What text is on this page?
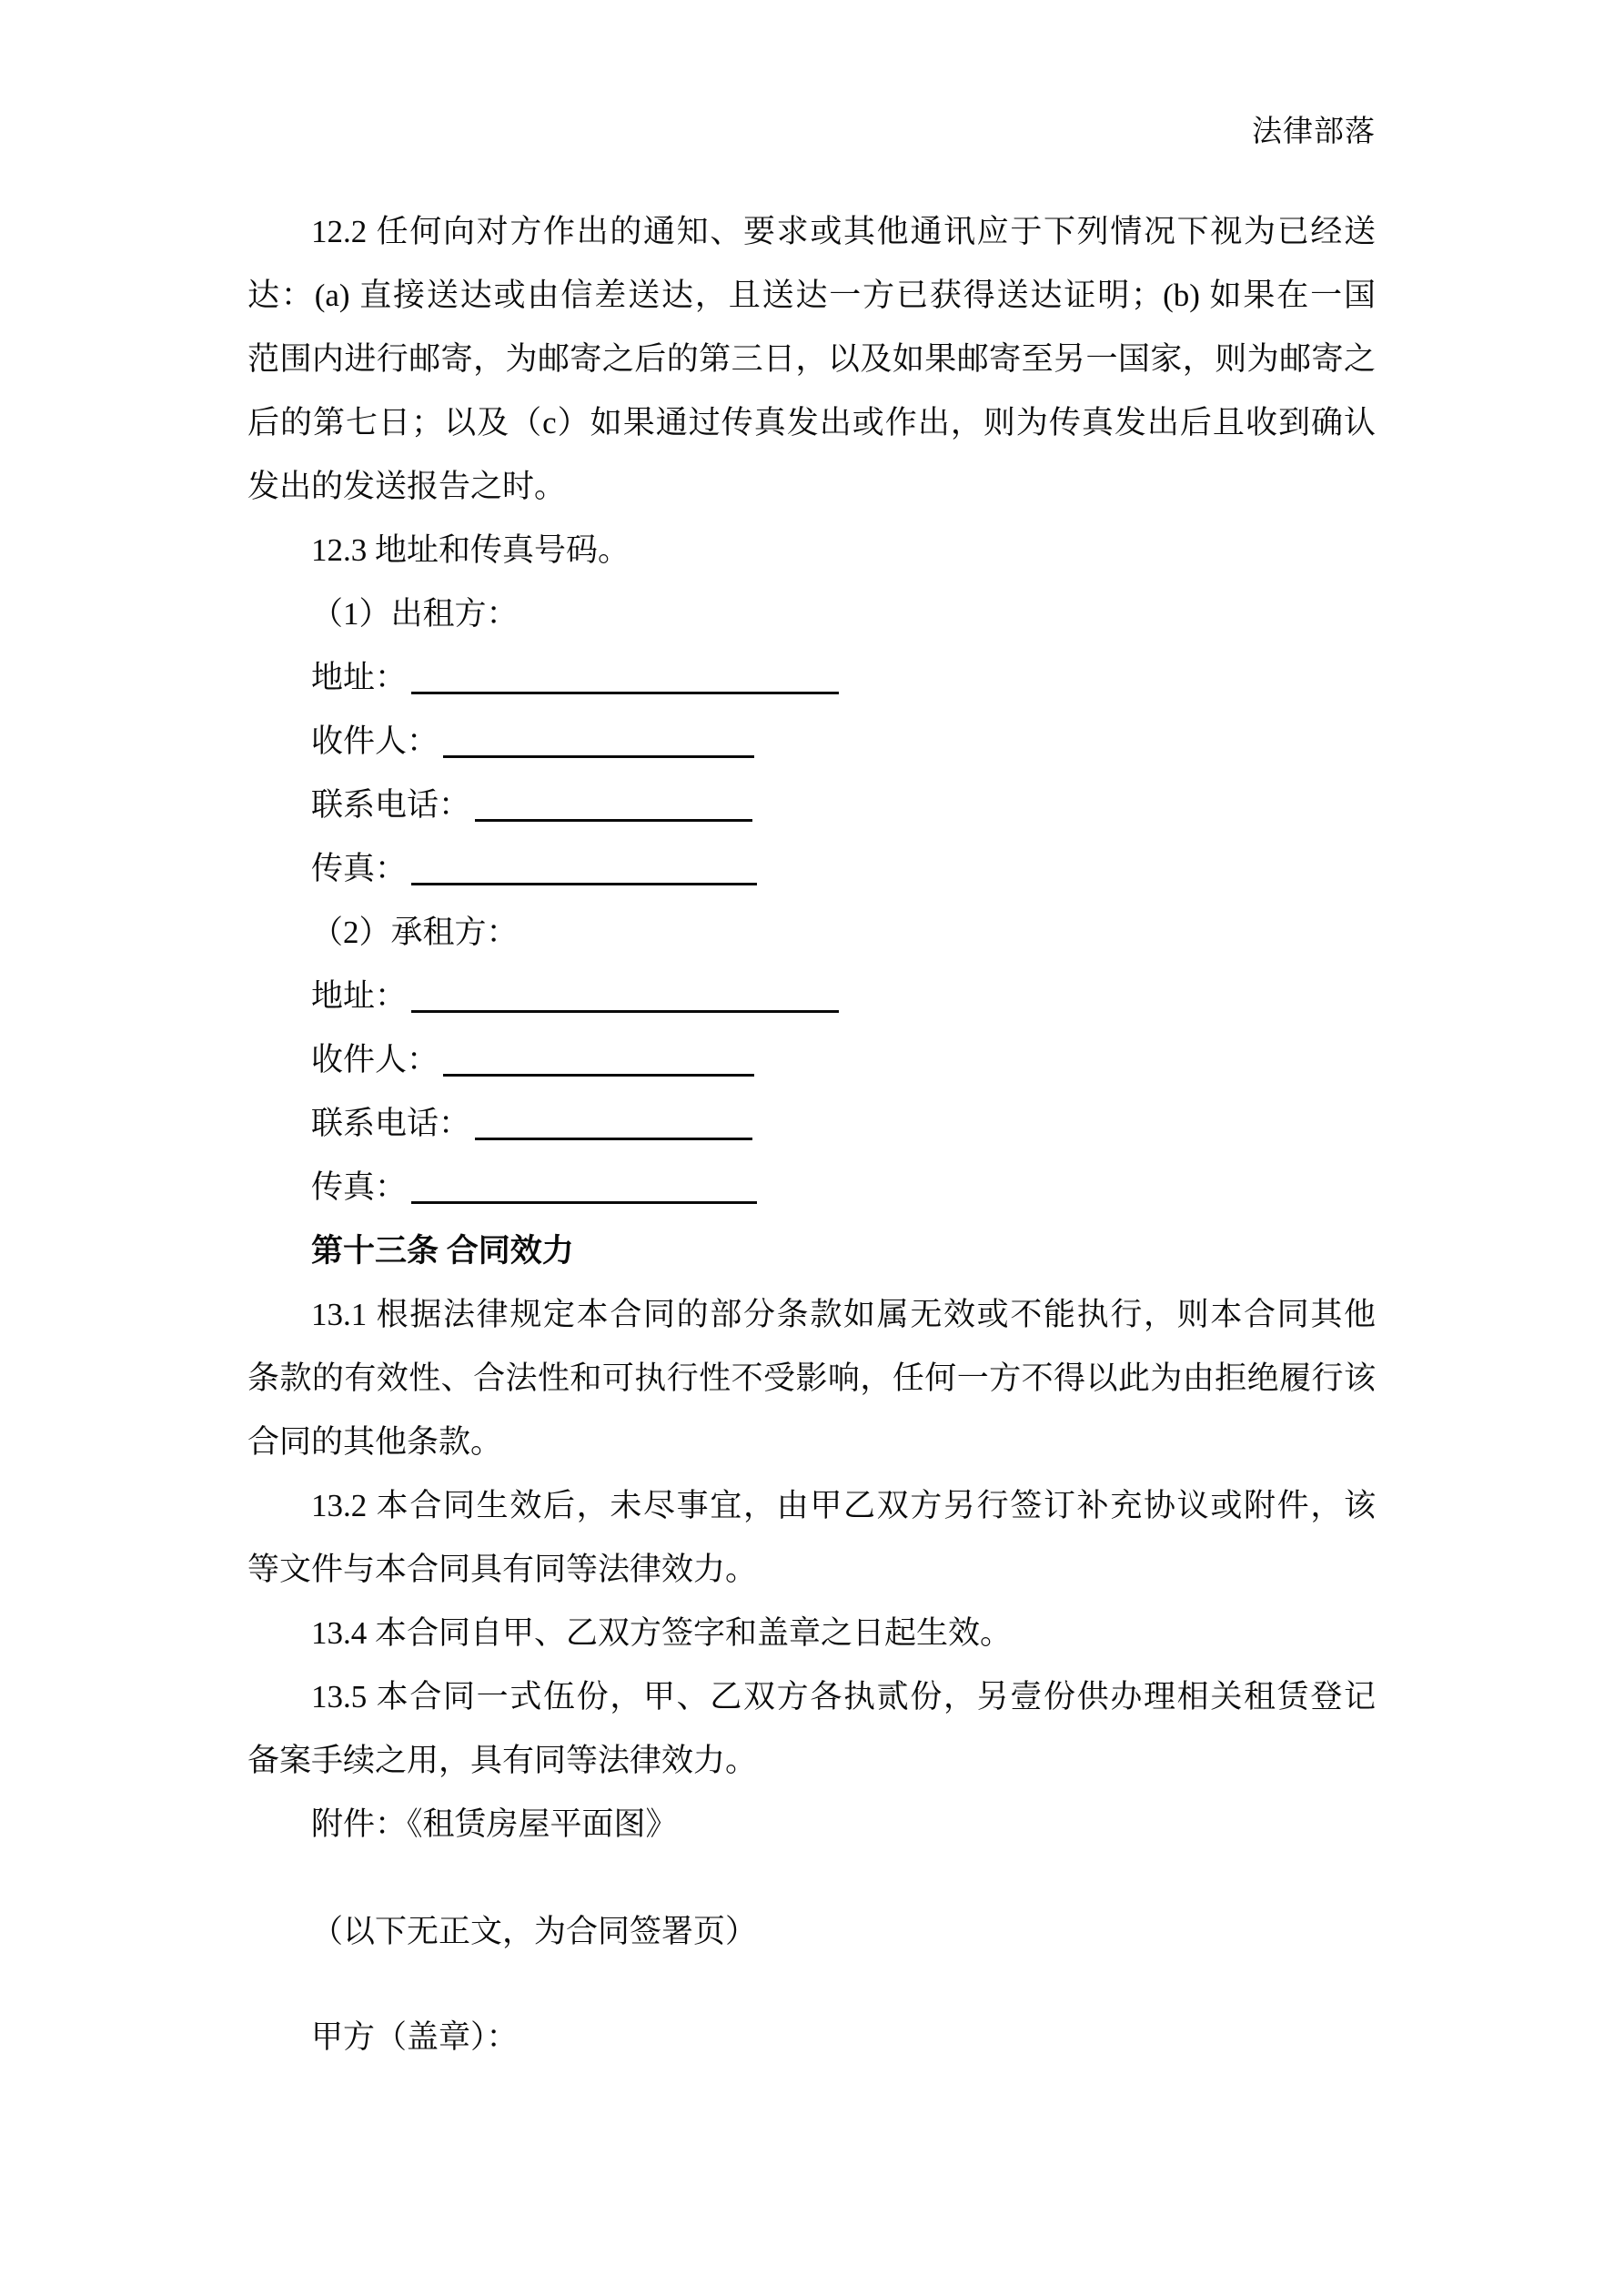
法律部落
12.2 任何向对方作出的通知、要求或其他通讯应于下列情况下视为已经送
达：(a) 直接送达或由信差送达，且送达一方已获得送达证明；(b) 如果在一国
范围内进行邮寄，为邮寄之后的第三日，以及如果邮寄至另一国家，则为邮寄之
后的第七日；以及（c）如果通过传真发出或作出，则为传真发出后且收到确认
发出的发送报告之时。
12.3 地址和传真号码。
（1）出租方：
地址：
收件人：
联系电话：
传真：
（2）承租方：
地址：
收件人：
联系电话：
传真：
第十三条 合同效力
13.1 根据法律规定本合同的部分条款如属无效或不能执行，则本合同其他
条款的有效性、合法性和可执行性不受影响，任何一方不得以此为由拒绝履行该
合同的其他条款。
13.2 本合同生效后，未尽事宜，由甲乙双方另行签订补充协议或附件，该
等文件与本合同具有同等法律效力。
13.4 本合同自甲、乙双方签字和盖章之日起生效。
13.5 本合同一式伍份，甲、乙双方各执贰份，另壹份供办理相关租赁登记
备案手续之用，具有同等法律效力。
附件：《租赁房屋平面图》
（以下无正文，为合同签署页）
甲方（盖章）：
